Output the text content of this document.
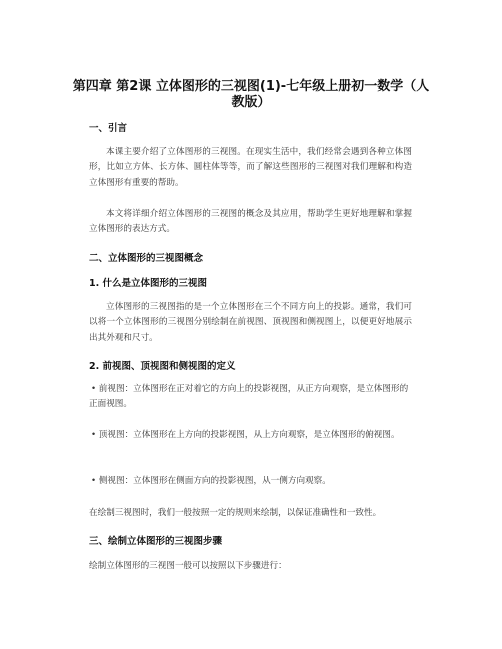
第四章 第2课 立体图形的三视图(1)-七年级上册初一数学（人教版）
一、引言
本课主要介绍了立体图形的三视图。在现实生活中，我们经常会遇到各种立体图形，比如立方体、长方体、圆柱体等等，而了解这些图形的三视图对我们理解和构造立体图形有重要的帮助。
本文将详细介绍立体图形的三视图的概念及其应用，帮助学生更好地理解和掌握立体图形的表达方式。
二、立体图形的三视图概念
1. 什么是立体图形的三视图
立体图形的三视图指的是一个立体图形在三个不同方向上的投影。通常，我们可以将一个立体图形的三视图分别绘制在前视图、顶视图和侧视图上，以便更好地展示出其外观和尺寸。
2. 前视图、顶视图和侧视图的定义
• 前视图：立体图形在正对着它的方向上的投影视图，从正方向观察，是立体图形的正面视图。
• 顶视图：立体图形在上方向的投影视图，从上方向观察，是立体图形的俯视图。
• 侧视图：立体图形在侧面方向的投影视图，从一侧方向观察。
在绘制三视图时，我们一般按照一定的规则来绘制，以保证准确性和一致性。
三、绘制立体图形的三视图步骤
绘制立体图形的三视图一般可以按照以下步骤进行：
